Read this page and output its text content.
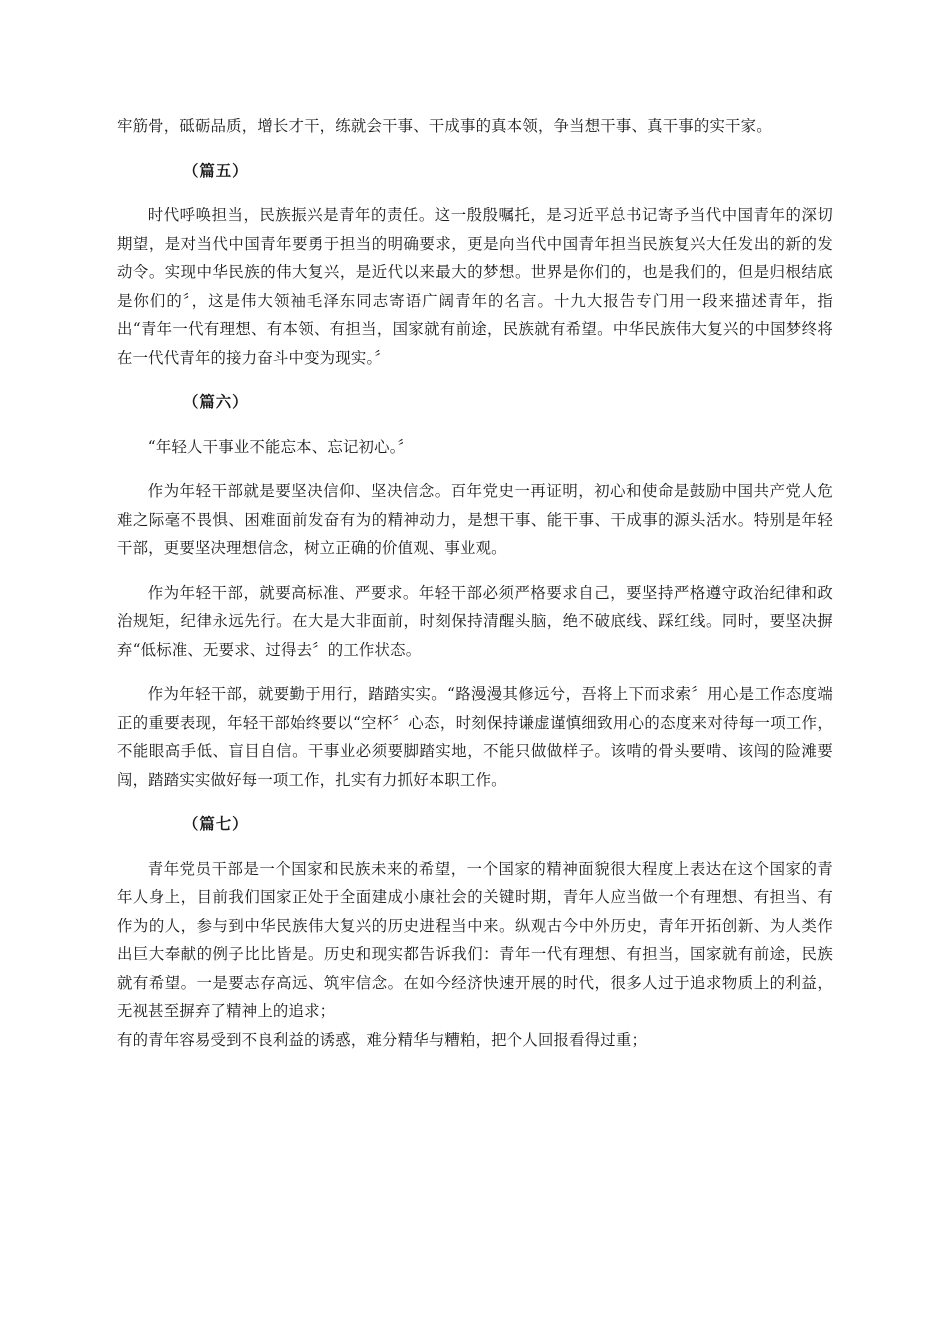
牢筋骨，砥砺品质，增长才干，练就会干事、干成事的真本领，争当想干事、真干事的实干家。

（篇五）

时代呼唤担当，民族振兴是青年的责任。这一殷殷嘱托，是习近平总书记寄予当代中国青年的深切期望，是对当代中国青年要勇于担当的明确要求，更是向当代中国青年担当民族复兴大任发出的新的发动令。实现中华民族的伟大复兴，是近代以来最大的梦想。世界是你们的，也是我们的，但是归根结底是你们的〞，这是伟大领袖毛泽东同志寄语广阔青年的名言。十九大报告专门用一段来描述青年，指出“青年一代有理想、有本领、有担当，国家就有前途，民族就有希望。中华民族伟大复兴的中国梦终将在一代代青年的接力奋斗中变为现实。〞

（篇六）

“年轻人干事业不能忘本、忘记初心。〞

作为年轻干部就是要坚决信仰、坚决信念。百年党史一再证明，初心和使命是鼓励中国共产党人危难之际毫不畏惧、困难面前发奋有为的精神动力，是想干事、能干事、干成事的源头活水。特别是年轻干部，更要坚决理想信念，树立正确的价值观、事业观。

作为年轻干部，就要高标准、严要求。年轻干部必须严格要求自己，要坚持严格遵守政治纪律和政治规矩，纪律永远先行。在大是大非面前，时刻保持清醒头脑，绝不破底线、踩红线。同时，要坚决摒弃“低标准、无要求、过得去〞的工作状态。

作为年轻干部，就要勤于用行，踏踏实实。“路漫漫其修远兮，吾将上下而求索〞用心是工作态度端正的重要表现，年轻干部始终要以“空杯〞心态，时刻保持谦虚谨慎细致用心的态度来对待每一项工作，不能眼高手低、盲目自信。干事业必须要脚踏实地，不能只做做样子。该啃的骨头要啃、该闯的险滩要闯，踏踏实实做好每一项工作，扎实有力抓好本职工作。

（篇七）

青年党员干部是一个国家和民族未来的希望，一个国家的精神面貌很大程度上表达在这个国家的青年人身上，目前我们国家正处于全面建成小康社会的关键时期，青年人应当做一个有理想、有担当、有作为的人，参与到中华民族伟大复兴的历史进程当中来。纵观古今中外历史，青年开拓创新、为人类作出巨大奉献的例子比比皆是。历史和现实都告诉我们：青年一代有理想、有担当，国家就有前途，民族就有希望。一是要志存高远、筑牢信念。在如今经济快速开展的时代，很多人过于追求物质上的利益，无视甚至摒弃了精神上的追求；

有的青年容易受到不良利益的诱惑，难分精华与糟粕，把个人回报看得过重；
